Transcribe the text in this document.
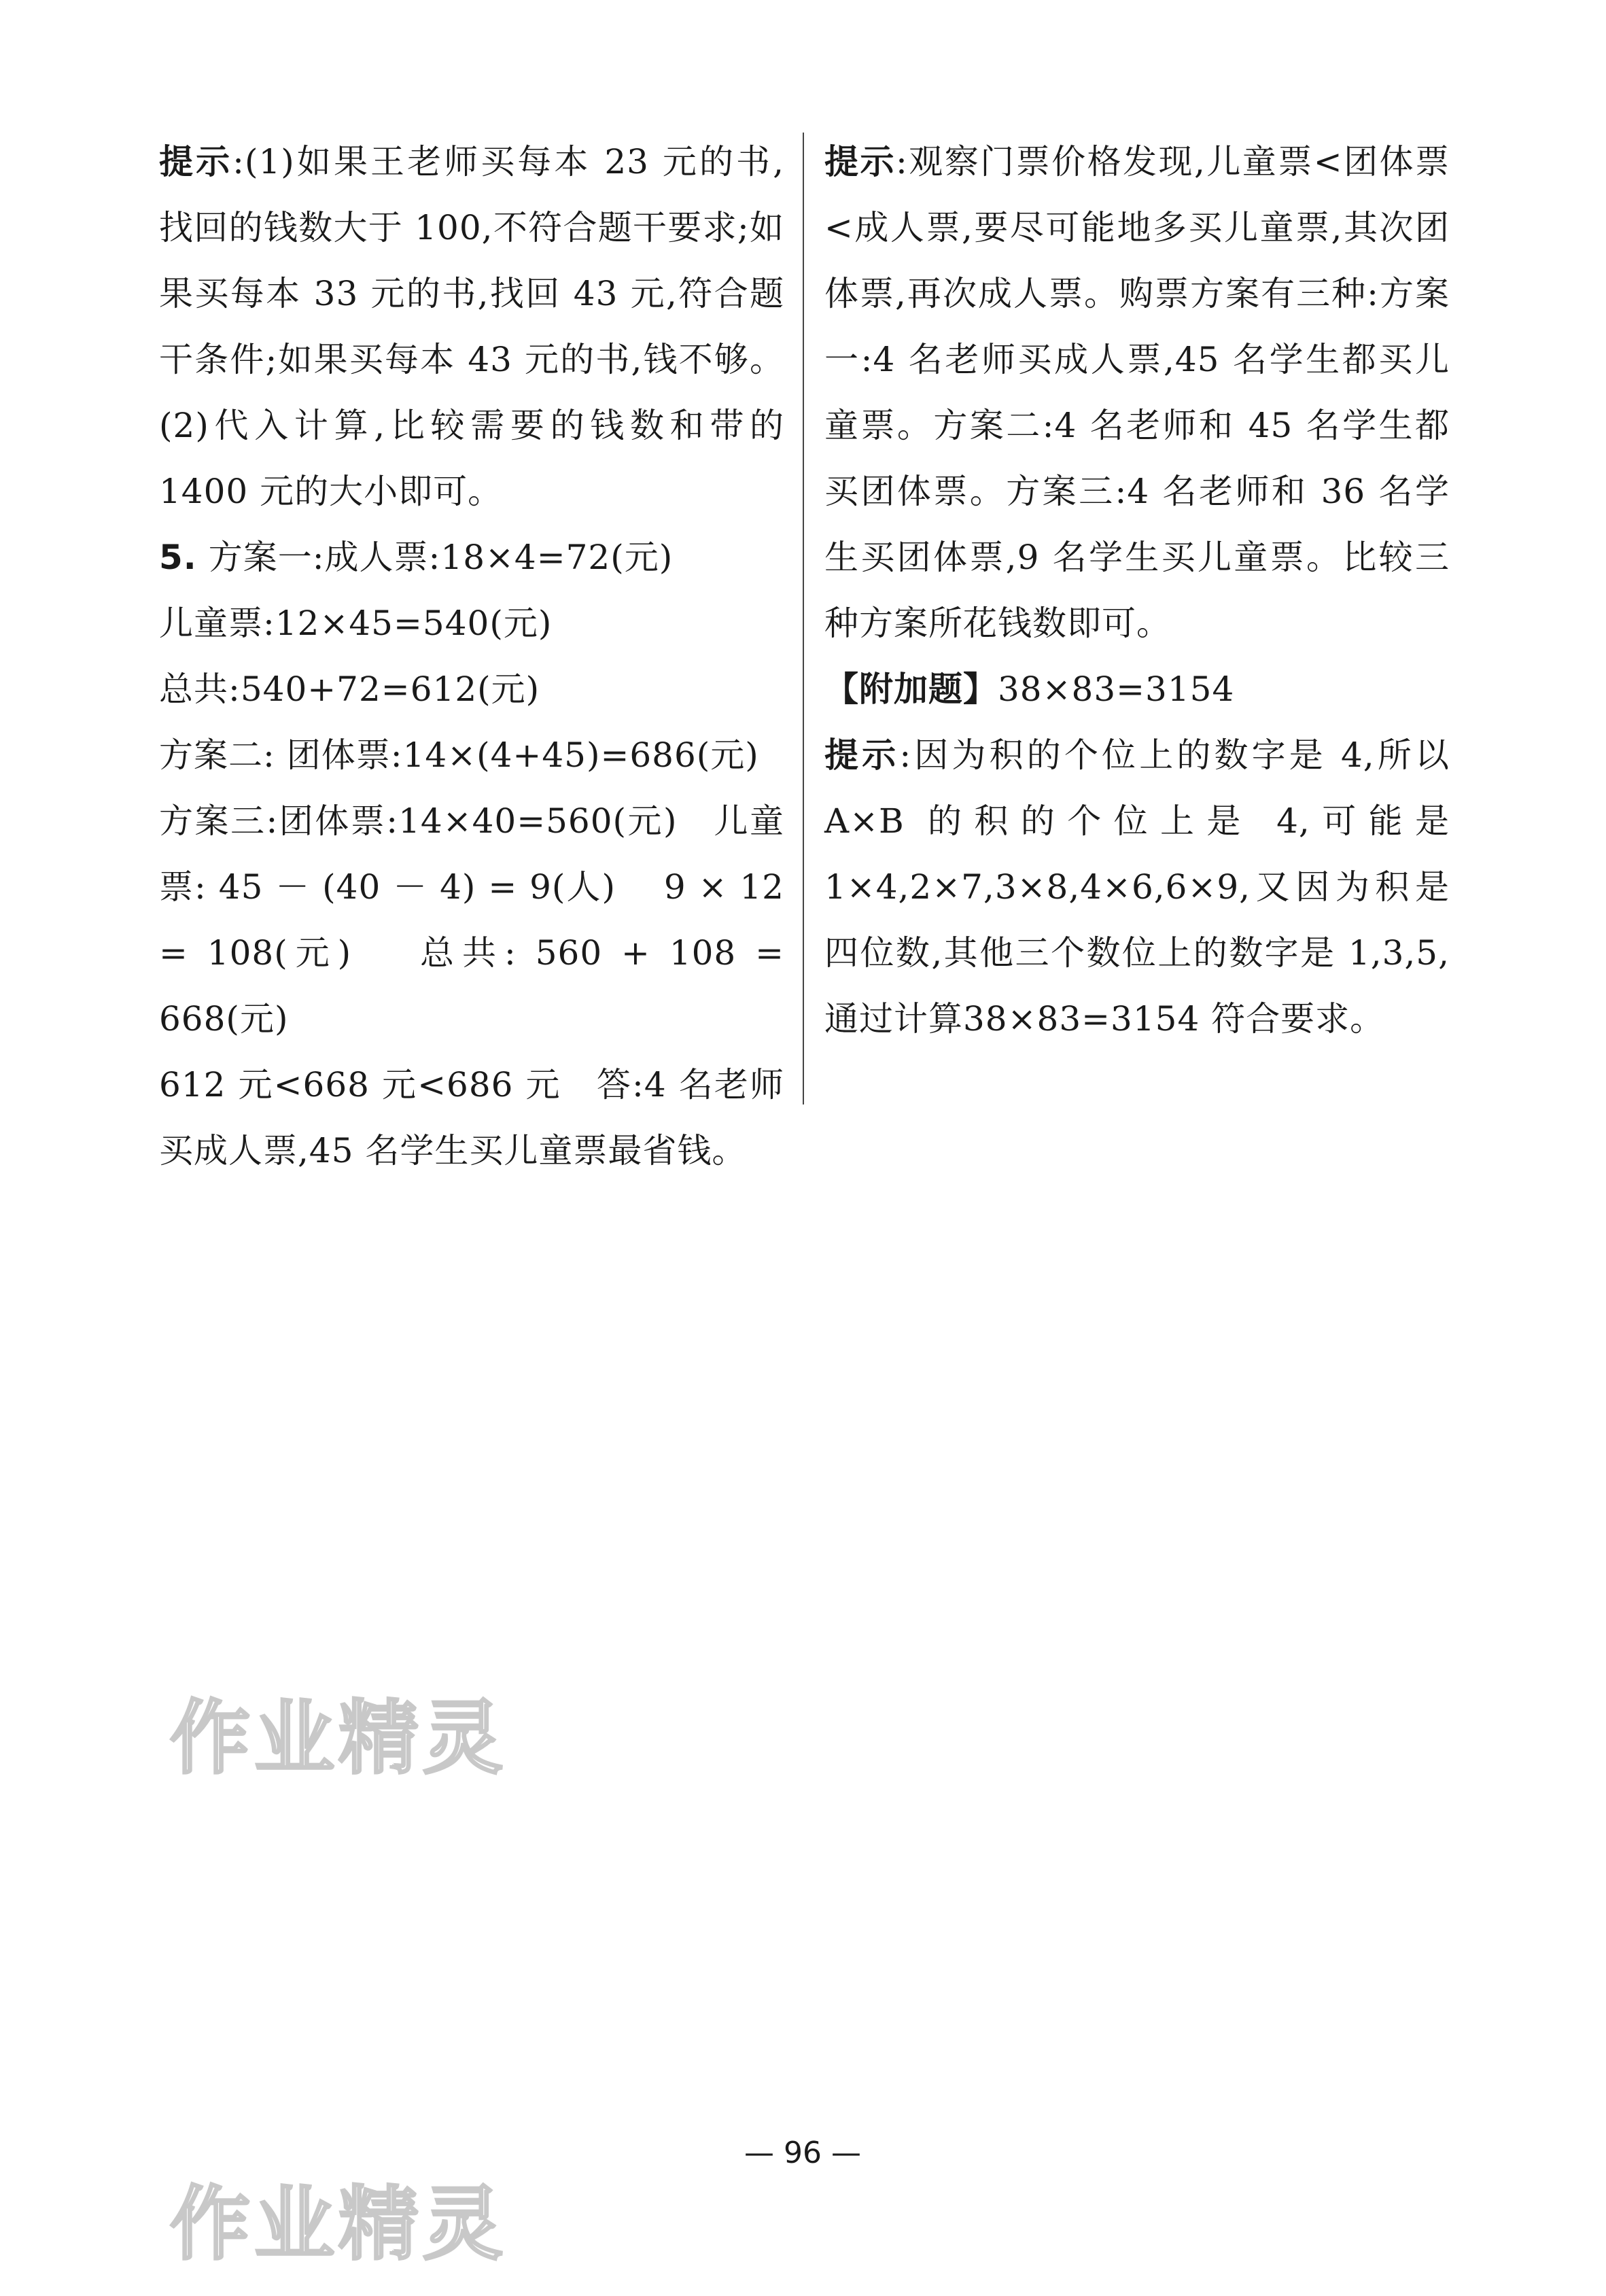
提示:(1)如果王老师买每本 23 元的书,找回的钱数大于 100,不符合题干要求;如果买每本 33 元的书,找回 43 元,符合题干条件;如果买每本 43 元的书,钱不够。(2)代入计算,比较需要的钱数和带的 1400 元的大小即可。

5. 方案一:成人票:18×4=72(元)

儿童票:12×45=540(元)

总共:540+72=612(元)

方案二: 团体票:14×(4+45)=686(元)

方案三:团体票:14×40=560(元)　儿童票: 45 － (40 － 4) = 9(人)　 9 × 12 = 108(元)　 总共: 560 + 108 = 668(元)

612 元<668 元<686 元　答:4 名老师买成人票,45 名学生买儿童票最省钱。

提示:观察门票价格发现,儿童票<团体票<成人票,要尽可能地多买儿童票,其次团体票,再次成人票。购票方案有三种:方案一:4 名老师买成人票,45 名学生都买儿童票。方案二:4 名老师和 45 名学生都买团体票。方案三:4 名老师和 36 名学生买团体票,9 名学生买儿童票。比较三种方案所花钱数即可。

【附加题】38×83=3154

提示:因为积的个位上的数字是 4,所以 A×B 的积的个位上是 4,可能是 1×4,2×7,3×8,4×6,6×9,又因为积是四位数,其他三个数位上的数字是 1,3,5,通过计算38×83=3154 符合要求。

— 96 —
作业精灵
作业精灵
